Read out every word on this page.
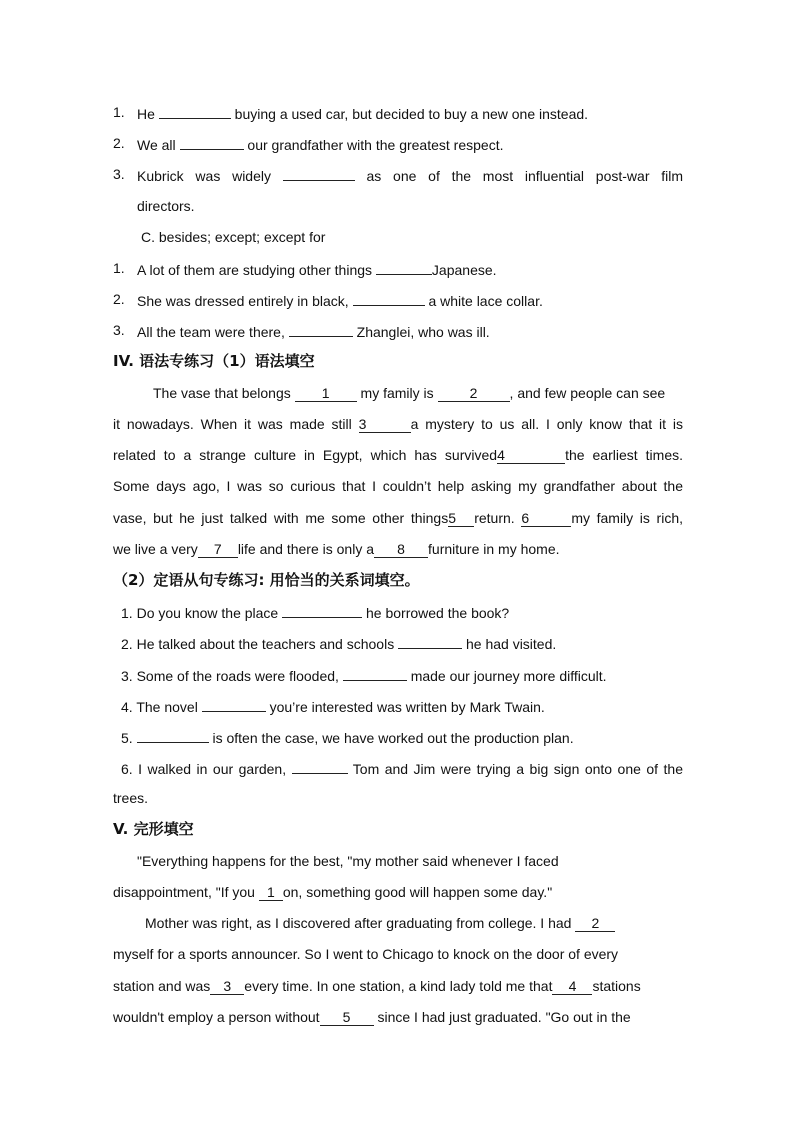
1. He	buying a used car, but decided to buy a new one instead.
2. We all	our grandfather with the greatest respect.
3. Kubrick was widely	as one of the most influential post-war film
directors.
C. besides; except; except for
1. A lot of them are studying other things	Japanese.
2. She was dressed entirely in black,	a white lace collar.
3. All the team were there,	Zhanglei, who was ill.
IV. 语法专练习（1）语法填空
The vase that belongs 1 my family is 2 , and few people can see
it nowadays. When it was made still 3	a mystery to us all. I only know that it is
related to a strange culture in Egypt, which has survived4	the earliest times.
Some days ago, I was so curious that I couldn’t help asking my grandfather about the
vase, but he just talked with me some other things5 return. 6	my family is rich,
we live a very 7 life and there is only a 8 furniture in my home.
（2）定语从句专练习: 用恰当的关系词填空。
1. Do you know the place	he borrowed the book?
2. He talked about the teachers and schools	he had visited.
3. Some of the roads were flooded,	made our journey more difficult.
4. The novel	you’re interested was written by Mark Twain.
5.	is often the case, we have worked out the production plan.
6. I walked in our garden,	Tom and Jim were trying a big sign onto one of the
trees.
V. 完形填空
"Everything happens for the best, "my mother said whenever I faced
disappointment, "If you 1 on, something good will happen some day."
Mother was right, as I discovered after graduating from college. I had 2
myself for a sports announcer. So I went to Chicago to knock on the door of every
station and was 3 every time. In one station, a kind lady told me that 4 stations
wouldn't employ a person without 5 since I had just graduated. "Go out in the
